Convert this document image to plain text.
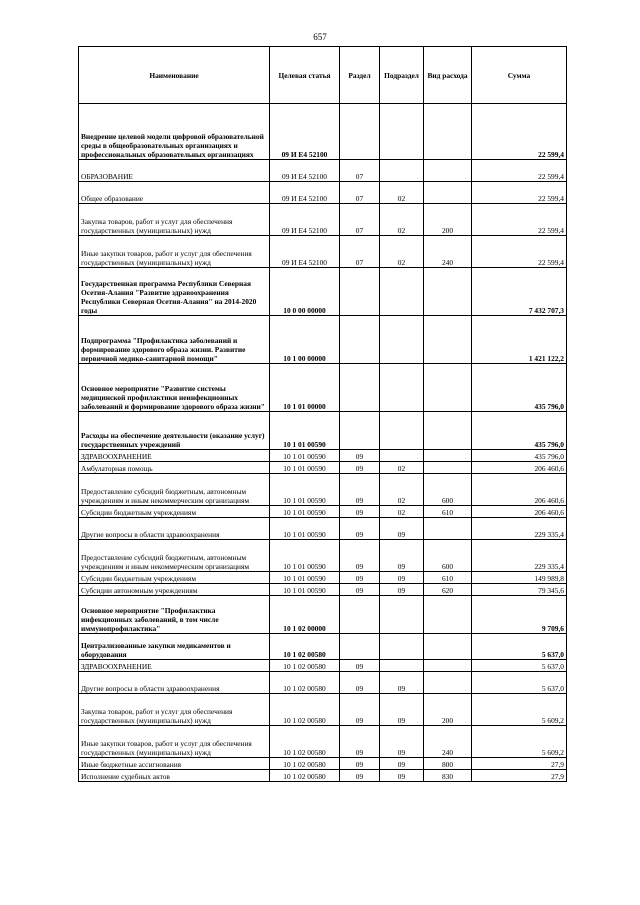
657
Наименование	Целевая статья	Раздел	Подраздел	Вид расхода	Сумма
Внедрение целевой модели цифровой образовательной среды в общеобразовательных организациях и профессиональных образовательных организациях	09 И Е4 52100				22 599,4
ОБРАЗОВАНИЕ	09 И Е4 52100	07			22 599,4
Общее образование	09 И Е4 52100	07	02		22 599,4
Закупка товаров, работ и услуг для обеспечения государственных (муниципальных) нужд	09 И Е4 52100	07	02	200	22 599,4
Иные закупки товаров, работ и услуг для обеспечения государственных (муниципальных) нужд	09 И Е4 52100	07	02	240	22 599,4
Государственная программа Республики Северная Осетия-Алания "Развитие здравоохранения Республики Северная Осетия-Алания" на 2014-2020 годы	10 0 00 00000				7 432 707,3
Подпрограмма "Профилактика заболеваний и формирование здорового образа жизни. Развитие первичной медико-санитарной помощи"	10 1 00 00000				1 421 122,2
Основное мероприятие "Развитие системы медицинской профилактики неинфекционных заболеваний и формирование здорового образа жизни"	10 1 01 00000				435 796,0
Расходы на обеспечение деятельности (оказание услуг) государственных учреждений	10 1 01 00590				435 796,0
ЗДРАВООХРАНЕНИЕ	10 1 01 00590	09			435 796,0
Амбулаторная помощь	10 1 01 00590	09	02		206 460,6
Предоставление субсидий бюджетным, автономным учреждениям и иным некоммерческим организациям	10 1 01 00590	09	02	600	206 460,6
Субсидии бюджетным учреждениям	10 1 01 00590	09	02	610	206 460,6
Другие вопросы в области здравоохранения	10 1 01 00590	09	09		229 335,4
Предоставление субсидий бюджетным, автономным учреждениям и иным некоммерческим организациям	10 1 01 00590	09	09	600	229 335,4
Субсидии бюджетным учреждениям	10 1 01 00590	09	09	610	149 989,8
Субсидии автономным учреждениям	10 1 01 00590	09	09	620	79 345,6
Основное мероприятие "Профилактика инфекционных заболеваний, в том числе иммунопрофилактика"	10 1 02 00000				9 709,6
Централизованные закупки медикаментов и оборудования	10 1 02 00580				5 637,0
ЗДРАВООХРАНЕНИЕ	10 1 02 00580	09			5 637,0
Другие вопросы в области здравоохранения	10 1 02 00580	09	09		5 637,0
Закупка товаров, работ и услуг для обеспечения государственных (муниципальных) нужд	10 1 02 00580	09	09	200	5 609,2
Иные закупки товаров, работ и услуг для обеспечения государственных (муниципальных) нужд	10 1 02 00580	09	09	240	5 609,2
Иные бюджетные ассигнования	10 1 02 00580	09	09	800	27,9
Исполнение судебных актов	10 1 02 00580	09	09	830	27,9
